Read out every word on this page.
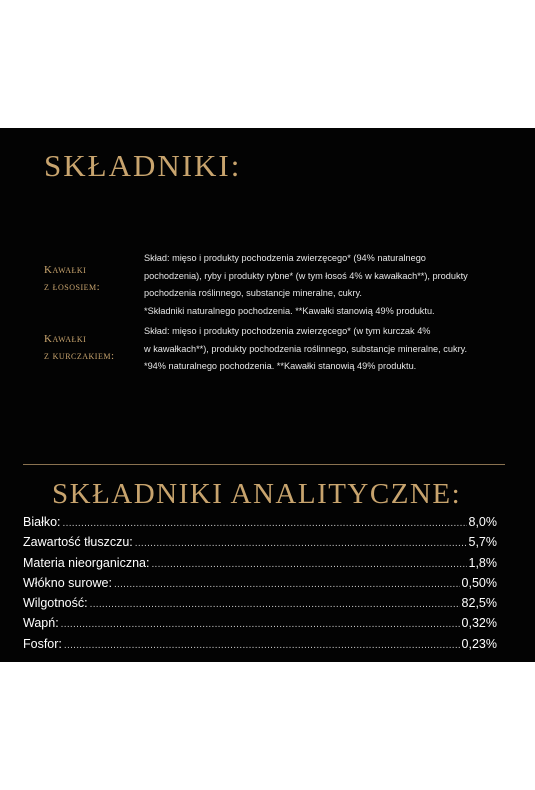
SKŁADNIKI:
Kawałki
z łososiem:
Skład: mięso i produkty pochodzenia zwierzęcego* (94% naturalnego
pochodzenia), ryby i produkty rybne* (w tym łosoś 4% w kawałkach**), produkty
pochodzenia roślinnego, substancje mineralne, cukry.
*Składniki naturalnego pochodzenia. **Kawałki stanowią 49% produktu.
Kawałki
z kurczakiem:
Skład: mięso i produkty pochodzenia zwierzęcego* (w tym kurczak 4%
w kawałkach**), produkty pochodzenia roślinnego, substancje mineralne, cukry.
*94% naturalnego pochodzenia. **Kawałki stanowią 49% produktu.
SKŁADNIKI ANALITYCZNE:
Białko: .....	8,0%
Zawartość tłuszczu: .....	5,7%
Materia nieorganiczna: .....	1,8%
Włókno surowe: .....	0,50%
Wilgotność: .....	82,5%
Wapń: .....	0,32%
Fosfor: .....	0,23%
